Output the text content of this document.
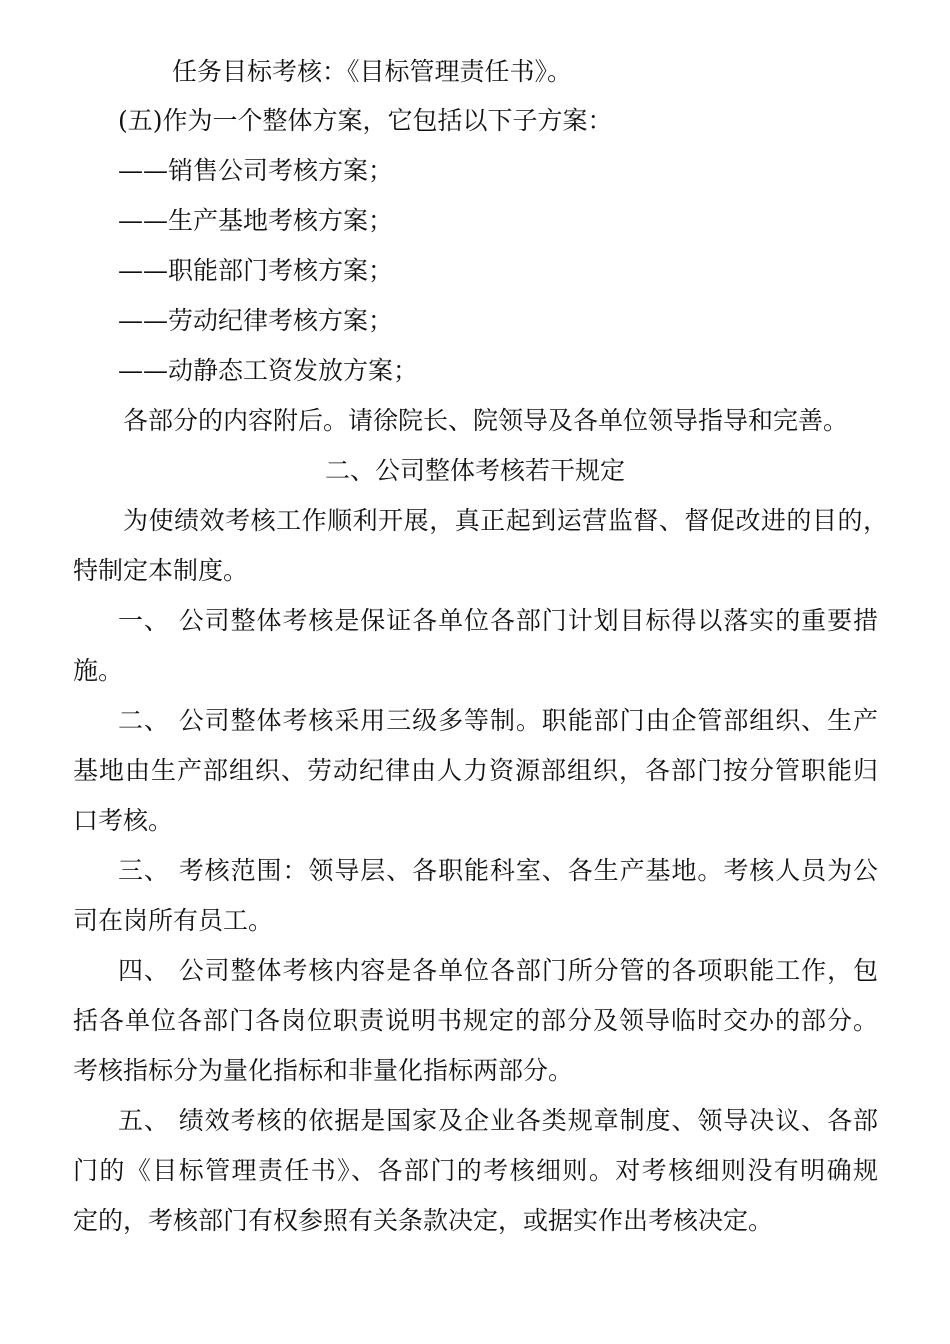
任务目标考核：《目标管理责任书》。
(五)作为一个整体方案，它包括以下子方案：
——销售公司考核方案；
——生产基地考核方案；
——职能部门考核方案；
——劳动纪律考核方案；
——动静态工资发放方案；
各部分的内容附后。请徐院长、院领导及各单位领导指导和完善。
二、公司整体考核若干规定
为使绩效考核工作顺利开展，真正起到运营监督、督促改进的目的，
特制定本制度。
一、 公司整体考核是保证各单位各部门计划目标得以落实的重要措
施。
二、 公司整体考核采用三级多等制。职能部门由企管部组织、生产
基地由生产部组织、劳动纪律由人力资源部组织，各部门按分管职能归
口考核。
三、 考核范围：领导层、各职能科室、各生产基地。考核人员为公
司在岗所有员工。
四、 公司整体考核内容是各单位各部门所分管的各项职能工作，包
括各单位各部门各岗位职责说明书规定的部分及领导临时交办的部分。
考核指标分为量化指标和非量化指标两部分。
五、 绩效考核的依据是国家及企业各类规章制度、领导决议、各部
门的《目标管理责任书》、各部门的考核细则。对考核细则没有明确规
定的，考核部门有权参照有关条款决定，或据实作出考核决定。
